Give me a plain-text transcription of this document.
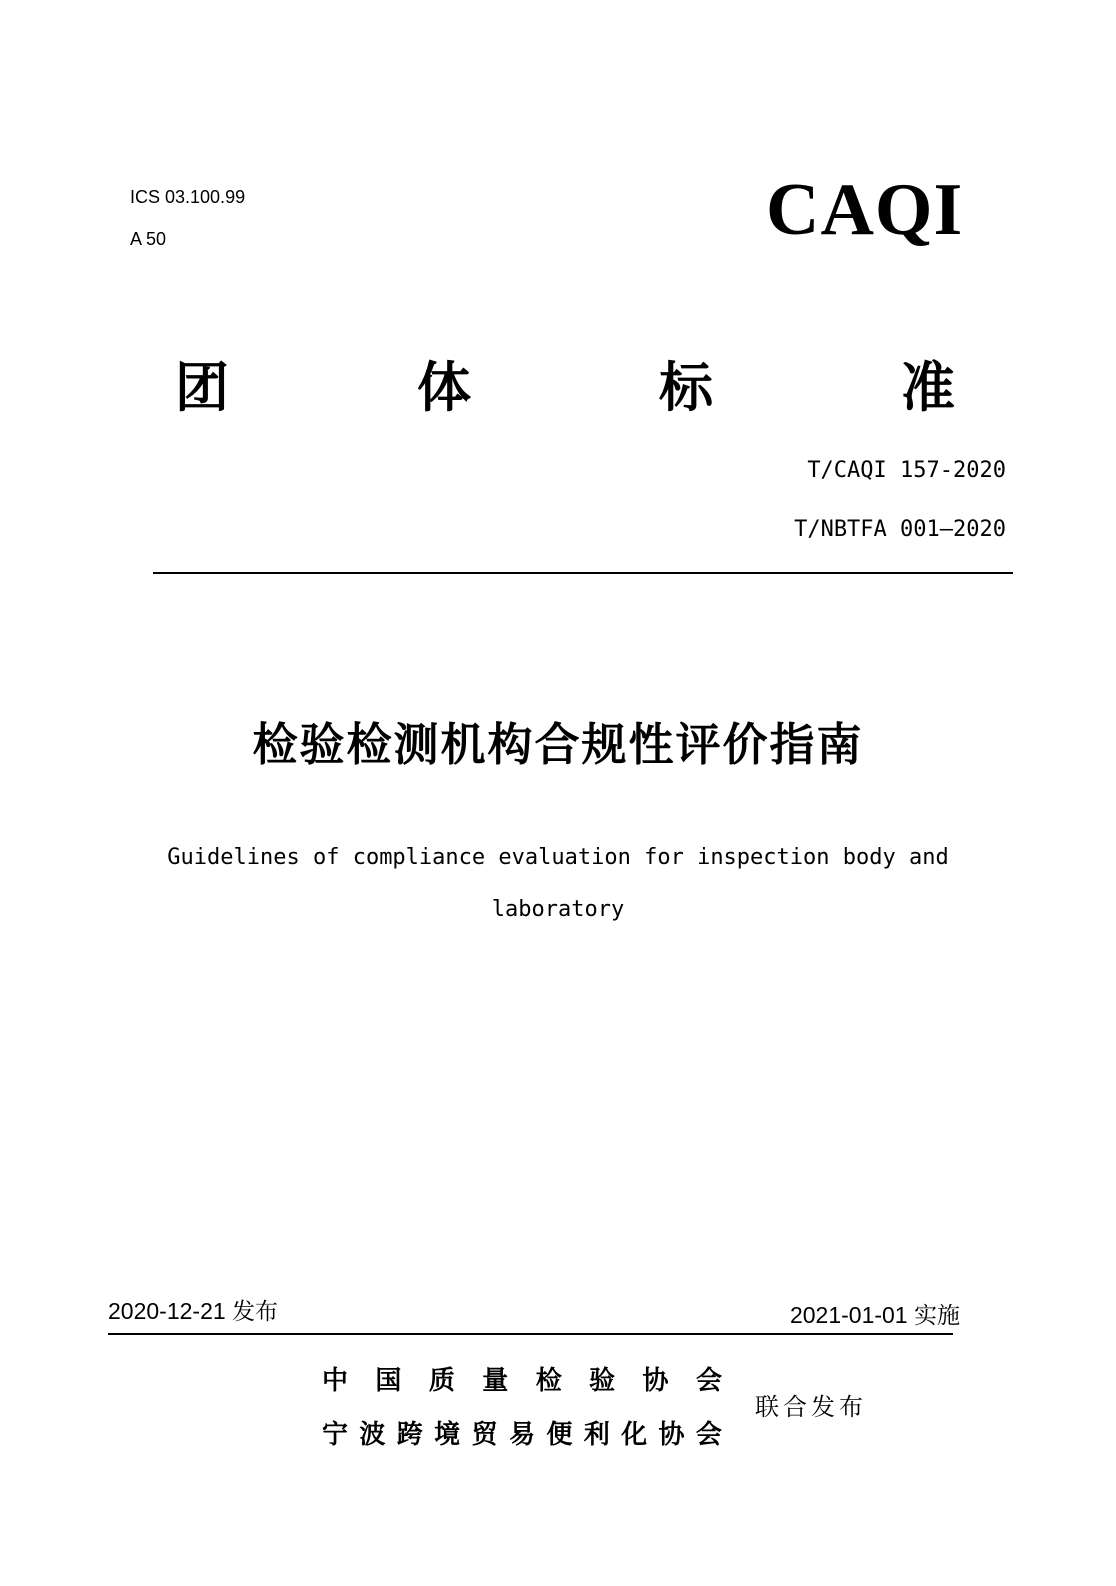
ICS 03.100.99
A 50	CAQI
团	体	标	准
T/CAQI 157-2020
T/NBTFA 001—2020
检验检测机构合规性评价指南
Guidelines of compliance evaluation for inspection body and
laboratory
2020-12-21 发布	2021-01-01 实施
中 国 质 量 检 验 协 会
宁 波 跨 境 贸 易 便 利 化 协 会
联合发布
